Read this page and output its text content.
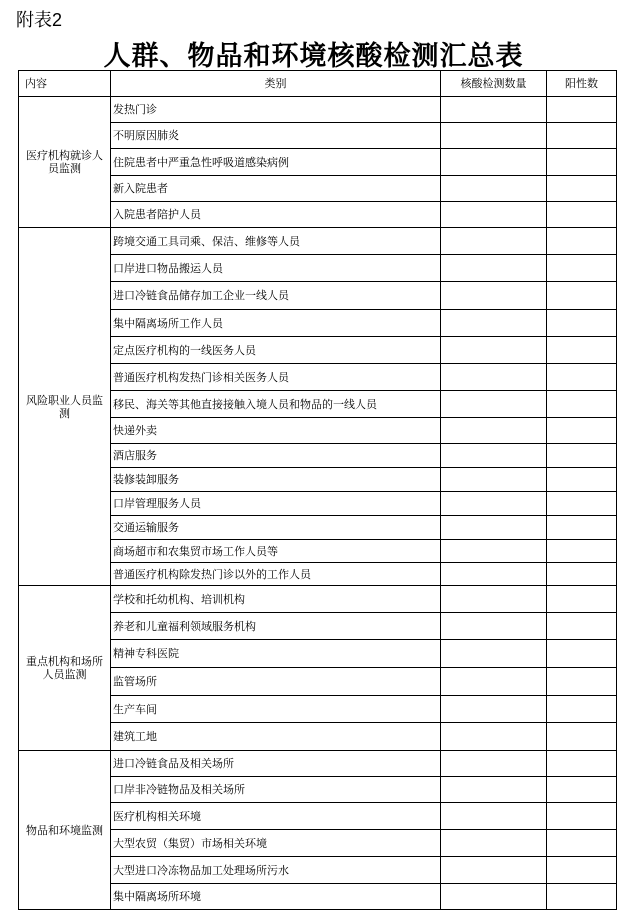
附表2
人群、物品和环境核酸检测汇总表
内容	类别	核酸检测数量	阳性数
医疗机构就诊人员监测	发热门诊		
	不明原因肺炎		
	住院患者中严重急性呼吸道感染病例		
	新入院患者		
	入院患者陪护人员		
风险职业人员监测	跨境交通工具司乘、保洁、维修等人员		
	口岸进口物品搬运人员		
	进口冷链食品储存加工企业一线人员		
	集中隔离场所工作人员		
	定点医疗机构的一线医务人员		
	普通医疗机构发热门诊相关医务人员		
	移民、海关等其他直接接触入境人员和物品的一线人员		
	快递外卖		
	酒店服务		
	装修装卸服务		
	口岸管理服务人员		
	交通运输服务		
	商场超市和农集贸市场工作人员等		
	普通医疗机构除发热门诊以外的工作人员		
重点机构和场所人员监测	学校和托幼机构、培训机构		
	养老和儿童福利领域服务机构		
	精神专科医院		
	监管场所		
	生产车间		
	建筑工地		
物品和环境监测	进口冷链食品及相关场所		
	口岸非冷链物品及相关场所		
	医疗机构相关环境		
	大型农贸（集贸）市场相关环境		
	大型进口冷冻物品加工处理场所污水		
	集中隔离场所环境		
